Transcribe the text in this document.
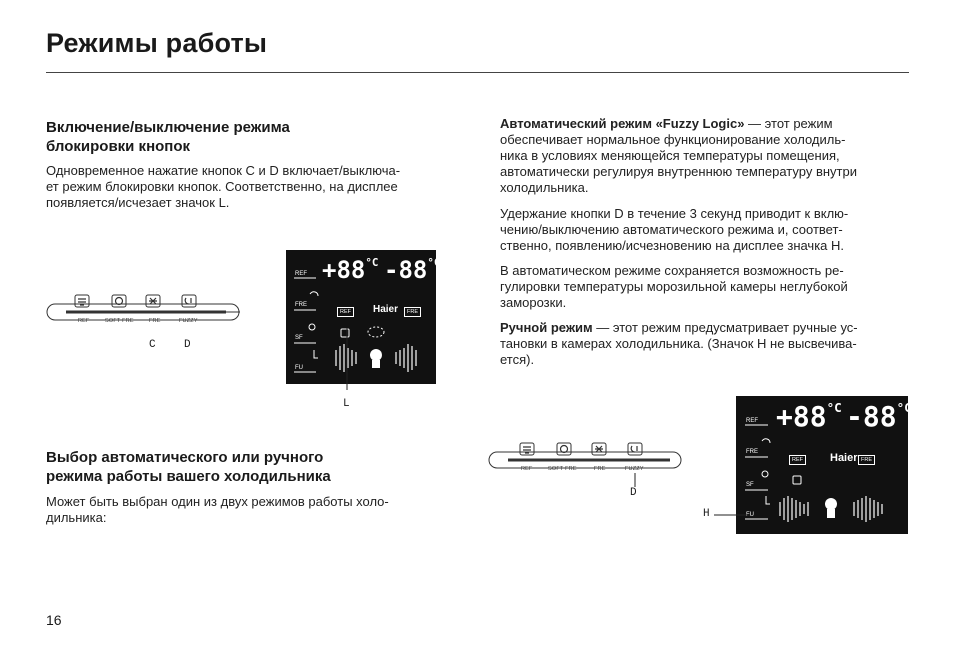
Режимы работы
Включение/выключение режима
блокировки кнопок

Одновременное нажатие кнопок C и D включает/выключа-
ет режим блокировки кнопок. Соответственно, на дисплее
появляется/исчезает значок L.

REF	SOFT FRE	FRE	FUZZY
C	D
$+88^{^\circ C}$ $-88^{^\circ C}$
REF
FRE
SF
FU
REF	Haier	FRE
L
Выбор автоматического или ручного
режима работы вашего холодильника

Может быть выбран один из двух режимов работы холо-
дильника:

Автоматический режим «Fuzzy Logic» — этот режим
обеспечивает нормальное функционирование холодиль-
ника в условиях меняющейся температуры помещения,
автоматически регулируя внутреннюю температуру внутри
холодильника.

Удержание кнопки D в течение 3 секунд приводит к вклю-
чению/выключению автоматического режима и, соответ-
ственно, появлению/исчезновению на дисплее значка H.

В автоматическом режиме сохраняется возможность ре-
гулировки температуры морозильной камеры неглубокой
заморозки.

Ручной режим — этот режим предусматривает ручные ус-
тановки в камерах холодильника. (Значок H не высвечива-
ется).

REF	SOFT FRE	FRE	FUZZY
D
$+88^{^\circ C}$ $-88^{^\circ C}$
REF
FRE
SF
FU
REF Haier FRE
H
16
